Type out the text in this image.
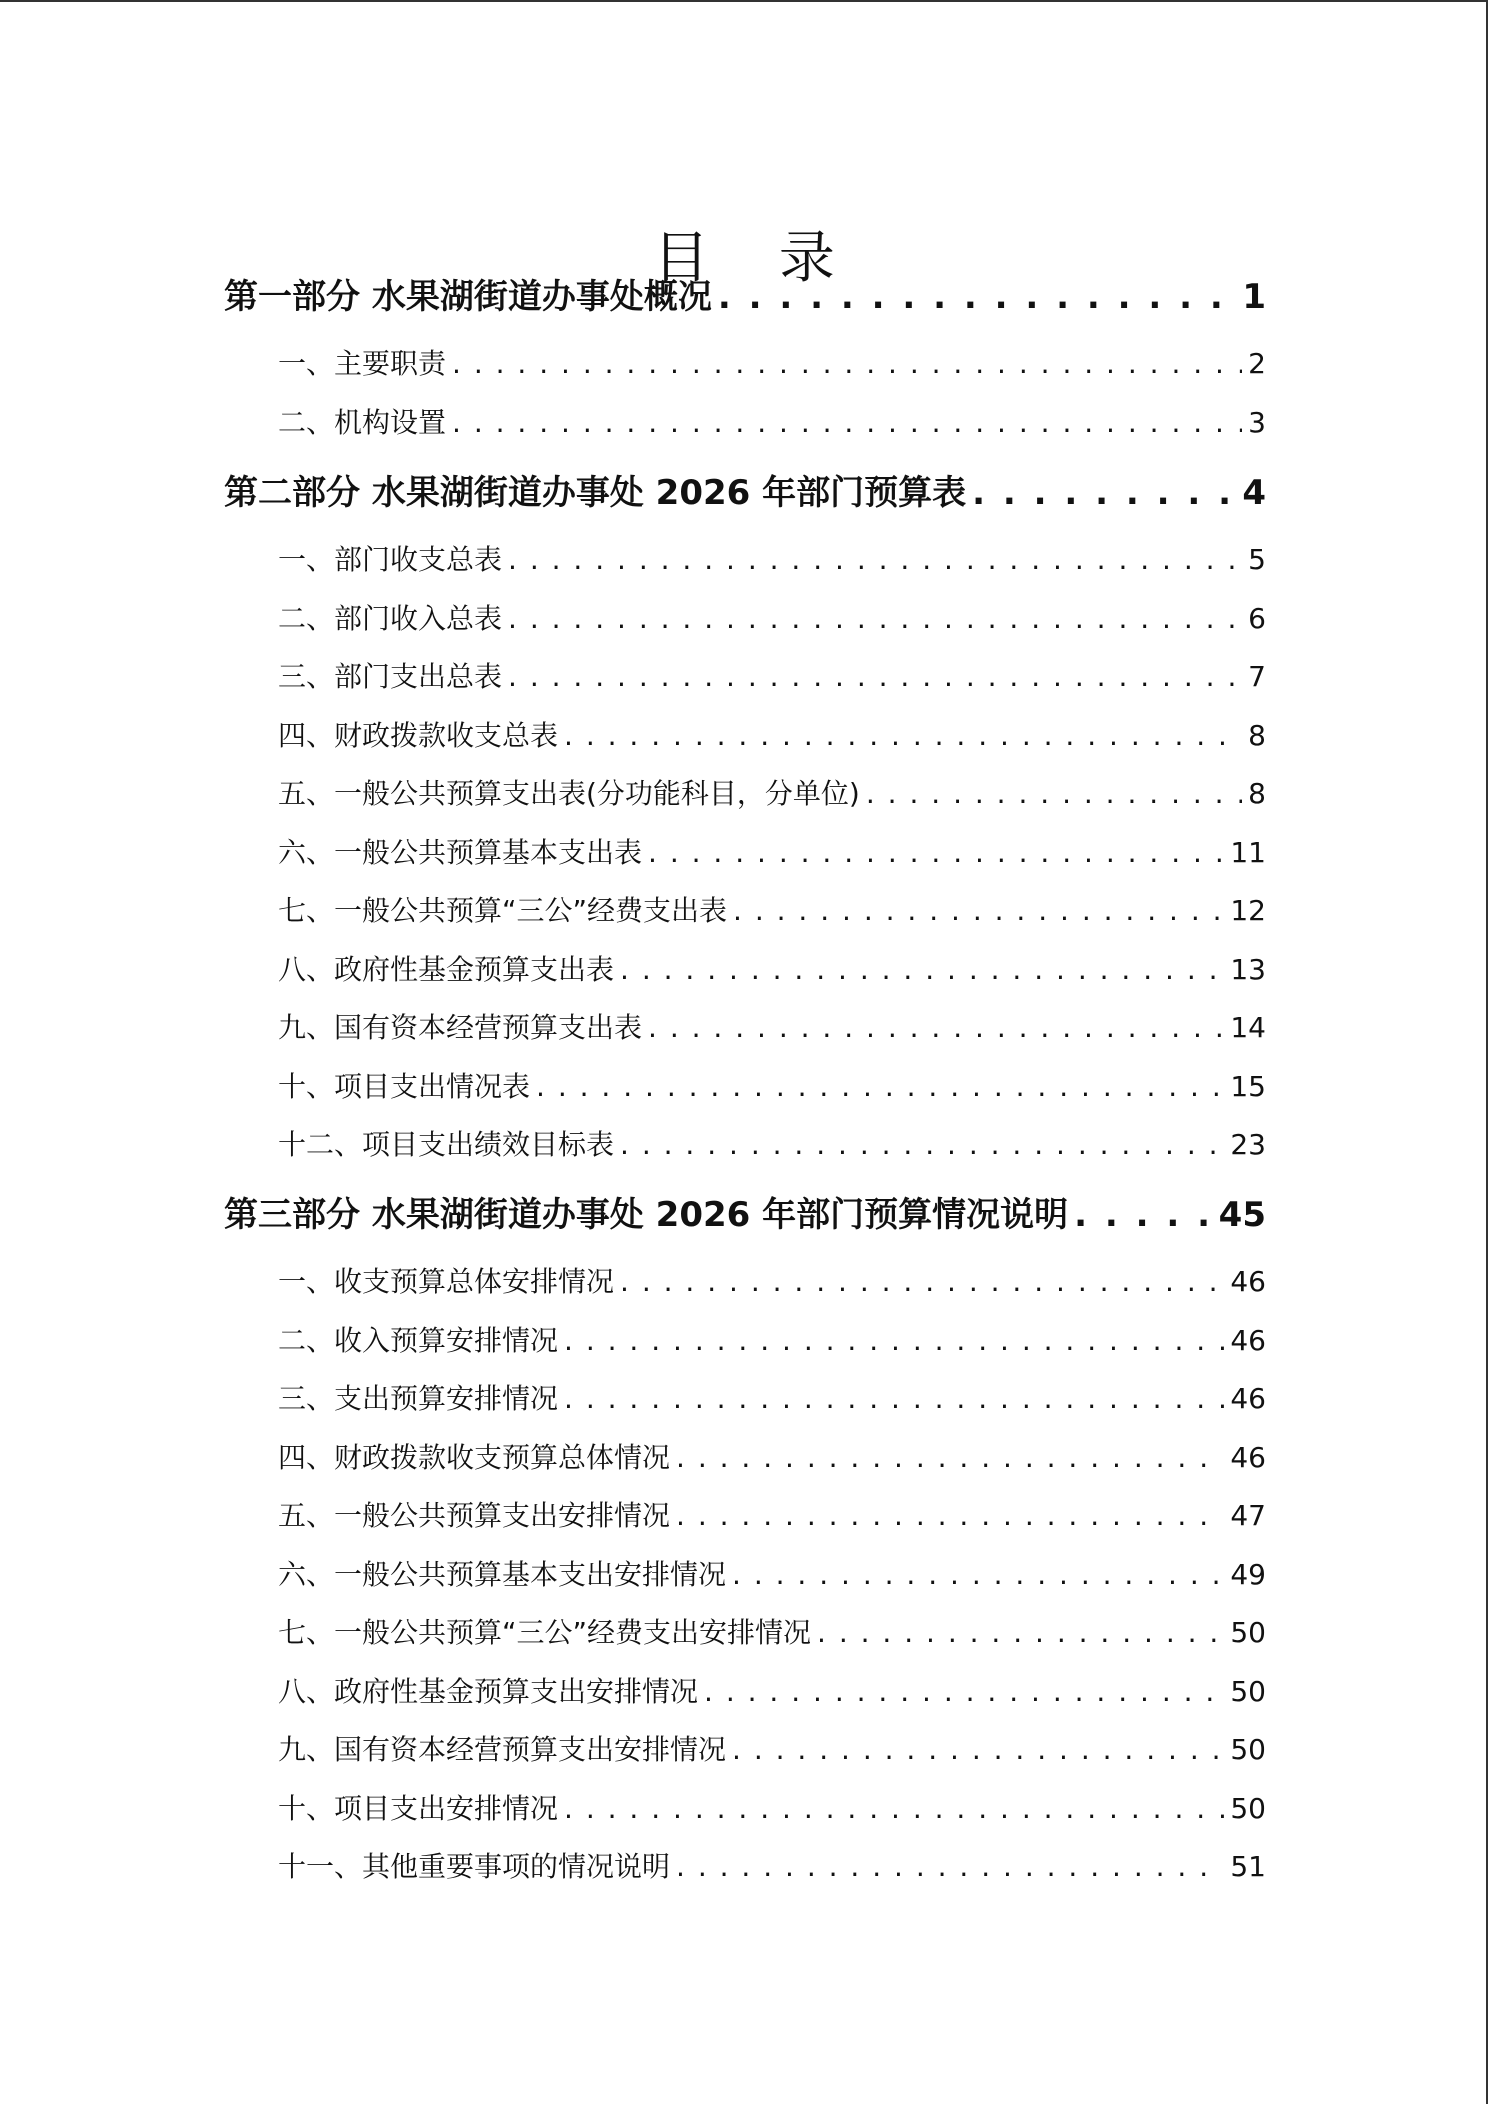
目 录
第一部分 水果湖街道办事处概况 . . .	1
一、主要职责 . . .	2
二、机构设置 . . .	3
第二部分 水果湖街道办事处 2026 年部门预算表 . . .	4
一、部门收支总表 . . .	5
二、部门收入总表 . . .	6
三、部门支出总表 . . .	7
四、财政拨款收支总表 . . .	8
五、一般公共预算支出表(分功能科目，分单位) . . .	8
六、一般公共预算基本支出表 . . .	11
七、一般公共预算“三公”经费支出表 . . .	12
八、政府性基金预算支出表 . . .	13
九、国有资本经营预算支出表 . . .	14
十、项目支出情况表 . . .	15
十二、项目支出绩效目标表 . . .	23
第三部分 水果湖街道办事处 2026 年部门预算情况说明 . . .	45
一、收支预算总体安排情况 . . .	46
二、收入预算安排情况 . . .	46
三、支出预算安排情况 . . .	46
四、财政拨款收支预算总体情况 . . .	46
五、一般公共预算支出安排情况 . . .	47
六、一般公共预算基本支出安排情况 . . .	49
七、一般公共预算“三公”经费支出安排情况 . . .	50
八、政府性基金预算支出安排情况 . . .	50
九、国有资本经营预算支出安排情况 . . .	50
十、项目支出安排情况 . . .	50
十一、其他重要事项的情况说明 . . .	51
